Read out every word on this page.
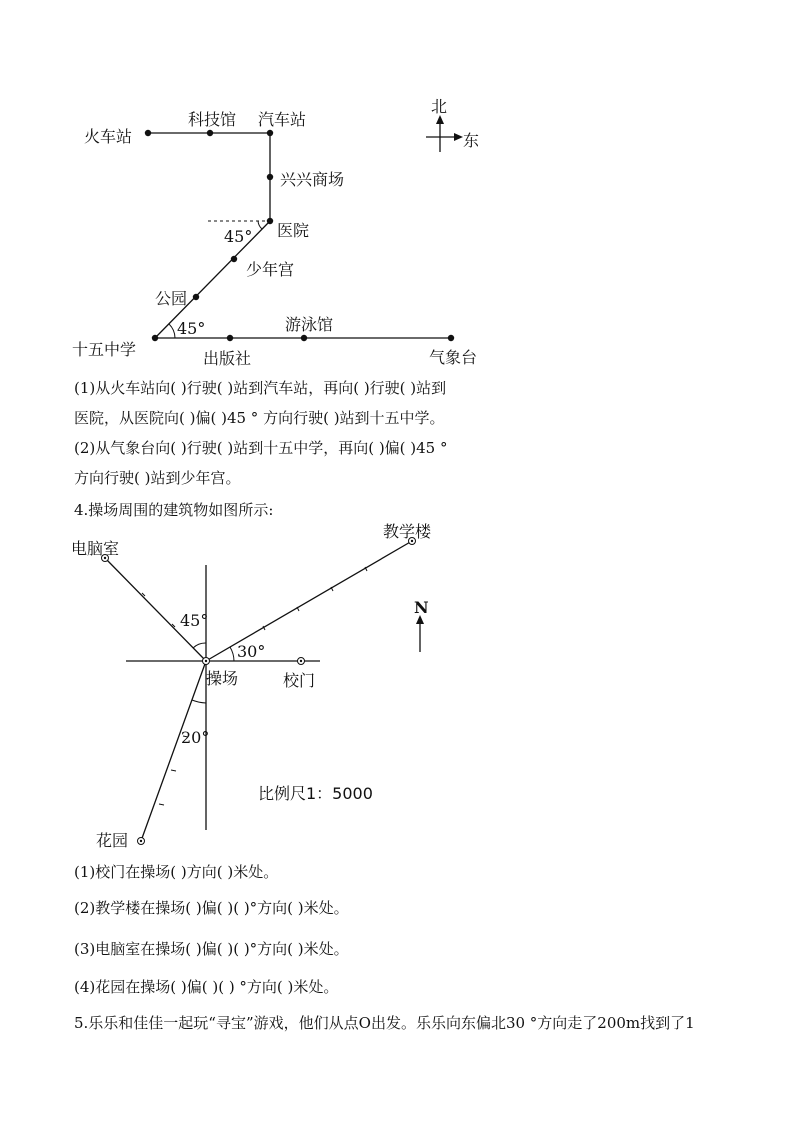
北
东
火车站
科技馆 汽车站
兴兴商场
医院
少年宫
公园
十五中学	出版社
游泳馆
气象台
45°
45°
(1)从火车站向( )行驶( )站到汽车站，再向( )行驶( )站到
医院，从医院向( )偏( )45 ° 方向行驶( )站到十五中学。
(2)从气象台向( )行驶( )站到十五中学，再向( )偏( )45 °
方向行驶( )站到少年宫。
4.操场周围的建筑物如图所示:
电脑室
教学楼
操场	校门
花园
N
45°
30°
20°
比例尺1：5000
(1)校门在操场( )方向( )米处。
(2)教学楼在操场( )偏( )( )°方向( )米处。
(3)电脑室在操场( )偏( )( )°方向( )米处。
(4)花园在操场( )偏( )( ) °方向( )米处。
5.乐乐和佳佳一起玩“寻宝”游戏，他们从点O出发。乐乐向东偏北30 °方向走了200m找到了1
